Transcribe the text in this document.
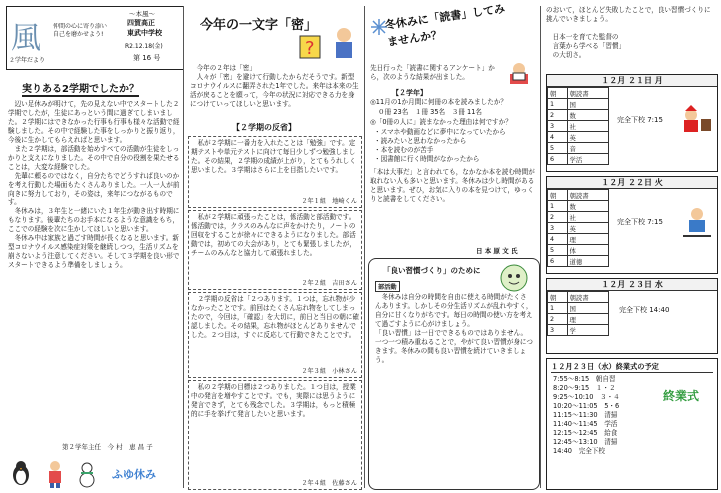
風
２学年だより
仲間の心に寄り添い
自己を磨かせよう!
～本風～
四賀高正
東武中学校
R2.12.18(金)
第 16 号
実りある2学期でしたか？
　辺い足休みが明けて，先の見えない中でスタートした２学期でしたが，生徒にあっという間に過ぎてしまいました。２学期にはできなかった行事も行事も様々な活動で経験しました。その中で経験した事をしっかりと振り返り，今後に生かしてもらえればと思います。
　また２学期は，部活動を始めすべての活動が生徒をしっかりと支えになりました。その中で自分の役割を果たせることは，大変な経験でした。
　先輩に頼るのではなく，自分たちでどうすれば良いのかを考え行動した場面もたくさんありました。一人一人が前向きに努力しており，その姿は，来年につながるものです。
　冬休みは，３年生と一緒にいた１年生が動き出す時期にもなります。後輩たちのお手本になるような意識をもち，ここでの経験を次に生かしてほしいと思います。
　冬休み中は家族と過ごす時間が長くなると思います。新型コロナウイルス感染症対策を継続しつつ，生活リズムを崩さないよう注意してください。そして３学期を良い形でスタートできるよう準備をしましょう。
第２学年主任　今 村　恵 昌 子
ふゆ休み
今年の一文字「密」
?
　今年の２年は「密」
　人々が「密」を避けて行動したからだそうです。新型コロナウイルスに翻弄された1年でした。来年は本来の生活が戻ることを願って，今年の状況に対応できる力を身につけていってほしいと思います。
【２学期の反省】
　私が２学期に一番力を入れたことは「勉強」です。定期テストや単元テストに向けて毎日少しずつ勉強しました。その結果，２学期の成績が上がり，とてもうれしく思いました。３学期はさらに上を目指したいです。
２年１組　地崎くん
　私が２学期に頑張ったことは，係活動と部活動です。係活動では，クラスのみんなに声をかけたり，ノートの回収をすることが徐々にできるようになりました。部活動では，初めての大会があり，とても緊張しましたが，チームのみんなと協力して頑張れました。
２年２組　吉田さん
　２学期の反省は「２つあります。１つは，忘れ物が少なかったことです。前回はたくさん忘れ物をしてしまったので，今回は，「確認」を大切に，前日と当日の朝に確認しました。その結果，忘れ物がほとんどありませんでした。２つ目は，すぐに反応して行動できたことです。
２年３組　小林さん
　私の２学期の目標は２つありました。１つ目は，授業中の発言を増やすことです。でも，実際には思うように発言できず，とても残念でした。３学期は，もっと積極的に手を挙げて発言したいと思います。
２年４組　佐藤さん
冬休みに「読書」してみませんか？
先日行った「読書に関するアンケート」から，次のような結果が出ました。
【２学年】
◎11月の1か月間に何冊の本を読みましたか？
０冊 23名　１冊 35名　３冊 11名
◎「0冊の人に」読まなかった理由は何ですか？
・スマホや動画などに夢中になっていたから
・読みたいと思わなかったから
・本を読むのが苦手
・図書館に行く時間がなかったから
「本は大事だ」と言われても，なかなか本を読む時間が取れない人も多いと思います。冬休みは少し時間があると思います。ぜひ，お気に入りの本を見つけて，ゆっくりと読書をしてください。
日 本 原 文 氏
「良い習慣づくり」のために
部活動
　冬休みは自分の時間を自由に使える時間がたくさんあります。しかしその分生活リズムが乱れやすく，自分に甘くなりがちです。毎日の時間の使い方を考えて過ごすように心がけましょう。
「良い習慣」は一日でできるものではありません。一つ一つ積み重ねることで，やがて良い習慣が身につきます。冬休みの間も良い習慣を続けていきましょう。
のおいて，ほとんど失敗したことで，良い習慣づくりに挑んでいきましょう。

　日本一を育てた監督の
　言葉から学べる「習慣」
　の大切さ。
１２月 ２１日 月
朝	朝読書
1	国
2	数
3	社
4	英
5	音
6	学活
完全下校 7:15
１２月 ２２日 火
朝	朝読書
1	数
2	社
3	英
4	理
5	体
6	道徳
完全下校 7:15
１２月 ２３日 水
朝	朝読書
1	国
2	理
3	学
完全下校 14:40
１２月２３日（水）終業式の予定
7:55〜8:15　朝自習
8:20〜9:15　１・２
9:25〜10:10　３・４
10:20〜11:05　5・6
11:15〜11:30　清掃
11:40〜11:45　学活
12:15〜12:45　給食
12:45〜13:10　清掃
14:40　完全下校
終業式
